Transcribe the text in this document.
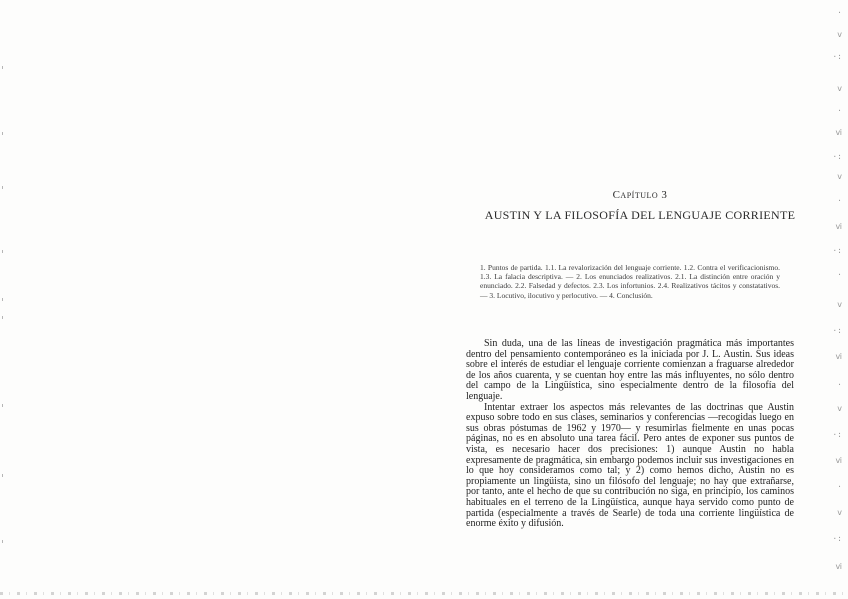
·
ⅴ
·:
ⅴ
·
ⅵ
·:
ⅴ
·
ⅵ
·:
·
ⅴ
·:
ⅵ
·
ⅴ
·:
ⅵ
·
ⅴ
·:
ⅵ
Capítulo 3
AUSTIN Y LA FILOSOFÍA DEL LENGUAJE CORRIENTE
1. Puntos de partida. 1.1. La revalorización del lenguaje corriente. 1.2. Contra el verificacionismo. 1.3. La falacia descriptiva. — 2. Los enunciados realizativos. 2.1. La distinción entre oración y enunciado. 2.2. Falsedad y defectos. 2.3. Los infortunios. 2.4. Realizativos tácitos y constatativos. — 3. Locutivo, ilocutivo y perlocutivo. — 4. Conclusión.

Sin duda, una de las líneas de investigación pragmática más importantes dentro del pensamiento contemporáneo es la iniciada por J. L. Austin. Sus ideas sobre el interés de estudiar el lenguaje corriente comienzan a fraguarse alrededor de los años cuarenta, y se cuentan hoy entre las más influyentes, no sólo dentro del campo de la Lingüística, sino especialmente dentro de la filosofía del lenguaje.

Intentar extraer los aspectos más relevantes de las doctrinas que Austin expuso sobre todo en sus clases, seminarios y conferencias —recogidas luego en sus obras póstumas de 1962 y 1970— y resumirlas fielmente en unas pocas páginas, no es en absoluto una tarea fácil. Pero antes de exponer sus puntos de vista, es necesario hacer dos precisiones: 1) aunque Austin no habla expresamente de pragmática, sin embargo podemos incluir sus investigaciones en lo que hoy consideramos como tal; y 2) como hemos dicho, Austin no es propiamente un lingüista, sino un filósofo del lenguaje; no hay que extrañarse, por tanto, ante el hecho de que su contribución no siga, en principio, los caminos habituales en el terreno de la Lingüística, aunque haya servido como punto de partida (especialmente a través de Searle) de toda una corriente lingüística de enorme éxito y difusión.
